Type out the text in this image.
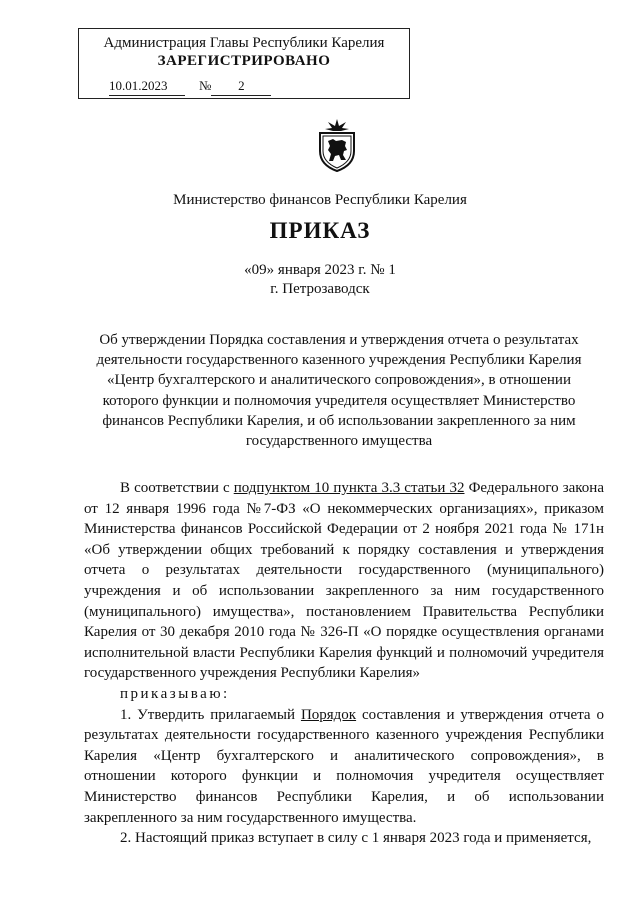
Администрация Главы Республики Карелия
ЗАРЕГИСТРИРОВАНО
10.01.2023 № 2
Министерство финансов Республики Карелия
ПРИКАЗ
«09» января 2023 г. № 1
г. Петрозаводск
Об утверждении Порядка составления и утверждения отчета о результатах деятельности государственного казенного учреждения Республики Карелия «Центр бухгалтерского и аналитического сопровождения», в отношении которого функции и полномочия учредителя осуществляет Министерство финансов Республики Карелия, и об использовании закрепленного за ним государственного имущества

В соответствии с подпунктом 10 пункта 3.3 статьи 32 Федерального закона от 12 января 1996 года №7-ФЗ «О некоммерческих организациях», приказом Министерства финансов Российской Федерации от 2 ноября 2021 года № 171н «Об утверждении общих требований к порядку составления и утверждения отчета о результатах деятельности государственного (муниципального) учреждения и об использовании закрепленного за ним государственного (муниципального) имущества», постановлением Правительства Республики Карелия от 30 декабря 2010 года № 326-П «О порядке осуществления органами исполнительной власти Республики Карелия функций и полномочий учредителя государственного учреждения Республики Карелия»

приказываю:

1. Утвердить прилагаемый Порядок составления и утверждения отчета о результатах деятельности государственного казенного учреждения Республики Карелия «Центр бухгалтерского и аналитического сопровождения», в отношении которого функции и полномочия учредителя осуществляет Министерство финансов Республики Карелия, и об использовании закрепленного за ним государственного имущества.

2. Настоящий приказ вступает в силу с 1 января 2023 года и применяется,
